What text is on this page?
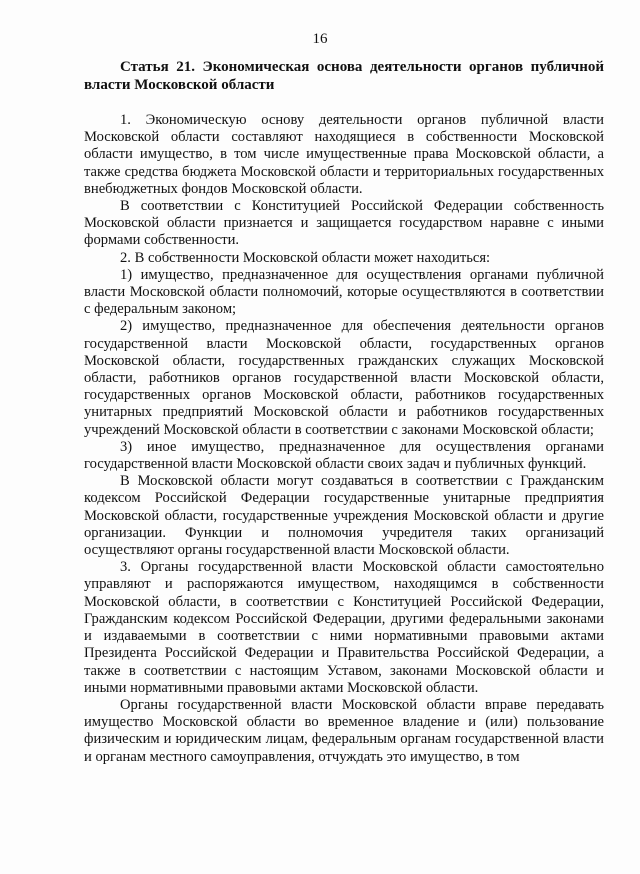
16
Статья 21. Экономическая основа деятельности органов публичной власти Московской области

1. Экономическую основу деятельности органов публичной власти Московской области составляют находящиеся в собственности Московской области имущество, в том числе имущественные права Московской области, а также средства бюджета Московской области и территориальных государственных внебюджетных фондов Московской области.

В соответствии с Конституцией Российской Федерации собственность Московской области признается и защищается государством наравне с иными формами собственности.

2. В собственности Московской области может находиться:

1) имущество, предназначенное для осуществления органами публичной власти Московской области полномочий, которые осуществляются в соответствии с федеральным законом;

2) имущество, предназначенное для обеспечения деятельности органов государственной власти Московской области, государственных органов Московской области, государственных гражданских служащих Московской области, работников органов государственной власти Московской области, государственных органов Московской области, работников государственных унитарных предприятий Московской области и работников государственных учреждений Московской области в соответствии с законами Московской области;

3) иное имущество, предназначенное для осуществления органами государственной власти Московской области своих задач и публичных функций.

В Московской области могут создаваться в соответствии с Гражданским кодексом Российской Федерации государственные унитарные предприятия Московской области, государственные учреждения Московской области и другие организации. Функции и полномочия учредителя таких организаций осуществляют органы государственной власти Московской области.

3. Органы государственной власти Московской области самостоятельно управляют и распоряжаются имуществом, находящимся в собственности Московской области, в соответствии с Конституцией Российской Федерации, Гражданским кодексом Российской Федерации, другими федеральными законами и издаваемыми в соответствии с ними нормативными правовыми актами Президента Российской Федерации и Правительства Российской Федерации, а также в соответствии с настоящим Уставом, законами Московской области и иными нормативными правовыми актами Московской области.

Органы государственной власти Московской области вправе передавать имущество Московской области во временное владение и (или) пользование физическим и юридическим лицам, федеральным органам государственной власти и органам местного самоуправления, отчуждать это имущество, в том
